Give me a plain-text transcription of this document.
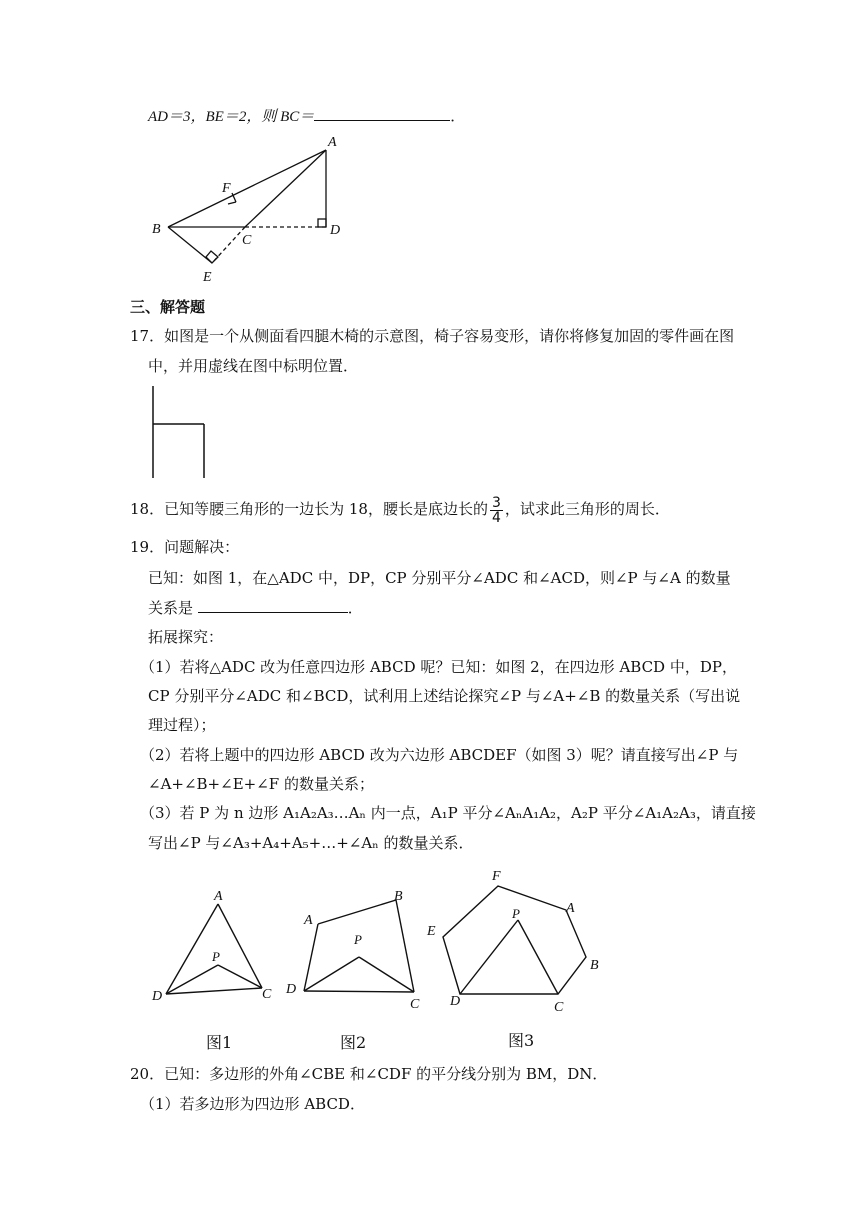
AD＝3，BE＝2，则 BC＝	．
A
F
B
C
D
E
三、解答题
17．如图是一个从侧面看四腿木椅的示意图，椅子容易变形，请你将修复加固的零件画在图
中，并用虚线在图中标明位置．
18．已知等腰三角形的一边长为 18，腰长是底边长的 $\frac{3}{4}$ ，试求此三角形的周长．
19．问题解决：
已知：如图 1，在△ADC 中，DP，CP 分别平分∠ADC 和∠ACD，则∠P 与∠A 的数量
关系是	．
拓展探究：
（1）若将△ADC 改为任意四边形 ABCD 呢？已知：如图 2，在四边形 ABCD 中，DP，
CP 分别平分∠ADC 和∠BCD，试利用上述结论探究∠P 与∠A+∠B 的数量关系（写出说
理过程）；
（2）若将上题中的四边形 ABCD 改为六边形 ABCDEF（如图 3）呢？请直接写出∠P 与
∠A+∠B+∠E+∠F 的数量关系；
（3）若 P 为 n 边形 A₁A₂A₃…Aₙ 内一点，A₁P 平分∠AₙA₁A₂，A₂P 平分∠A₁A₂A₃，请直接
写出∠P 与∠A₃+A₄+A₅+…+∠Aₙ 的数量关系．
A
P
D	C
图1
A
B
P
D
C
图2
F
A
E
P
B
D	C
图3
20．已知：多边形的外角∠CBE 和∠CDF 的平分线分别为 BM，DN．
（1）若多边形为四边形 ABCD．
